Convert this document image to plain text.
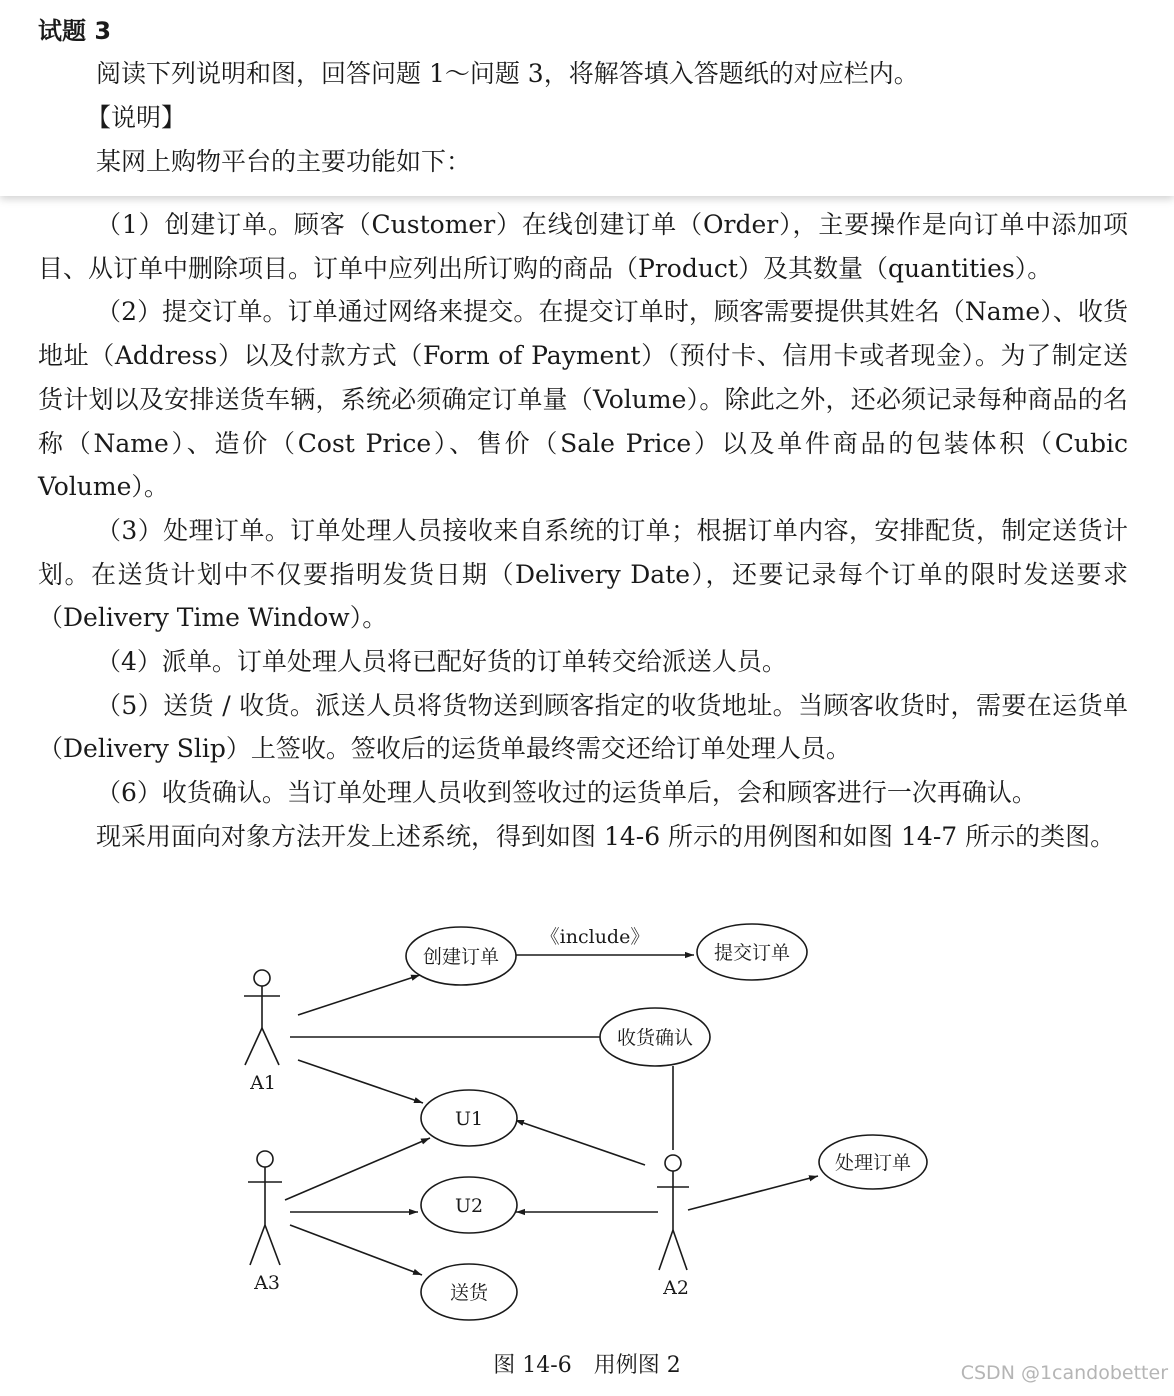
试题 3
阅读下列说明和图，回答问题 1～问题 3，将解答填入答题纸的对应栏内。
【说明】
某网上购物平台的主要功能如下：

（1）创建订单。顾客（Customer）在线创建订单（Order），主要操作是向订单中添加项目、从订单中删除项目。订单中应列出所订购的商品（Product）及其数量（quantities）。

（2）提交订单。订单通过网络来提交。在提交订单时，顾客需要提供其姓名（Name）、收货地址（Address）以及付款方式（Form of Payment）（预付卡、信用卡或者现金）。为了制定送货计划以及安排送货车辆，系统必须确定订单量（Volume）。除此之外，还必须记录每种商品的名称（Name）、造价（Cost Price）、售价（Sale Price）以及单件商品的包装体积（Cubic Volume）。

（3）处理订单。订单处理人员接收来自系统的订单；根据订单内容，安排配货，制定送货计划。在送货计划中不仅要指明发货日期（Delivery Date），还要记录每个订单的限时发送要求（Delivery Time Window）。

（4）派单。订单处理人员将已配好货的订单转交给派送人员。

（5）送货 / 收货。派送人员将货物送到顾客指定的收货地址。当顾客收货时，需要在运货单（Delivery Slip）上签收。签收后的运货单最终需交还给订单处理人员。

（6）收货确认。当订单处理人员收到签收过的运货单后，会和顾客进行一次再确认。

现采用面向对象方法开发上述系统，得到如图 14-6 所示的用例图和如图 14-7 所示的类图。

创建订单	提交订单
收货确认
U1
U2
送货
处理订单
《include》
A1
A3	A2
图 14-6　用例图 2	CSDN @1candobetter
